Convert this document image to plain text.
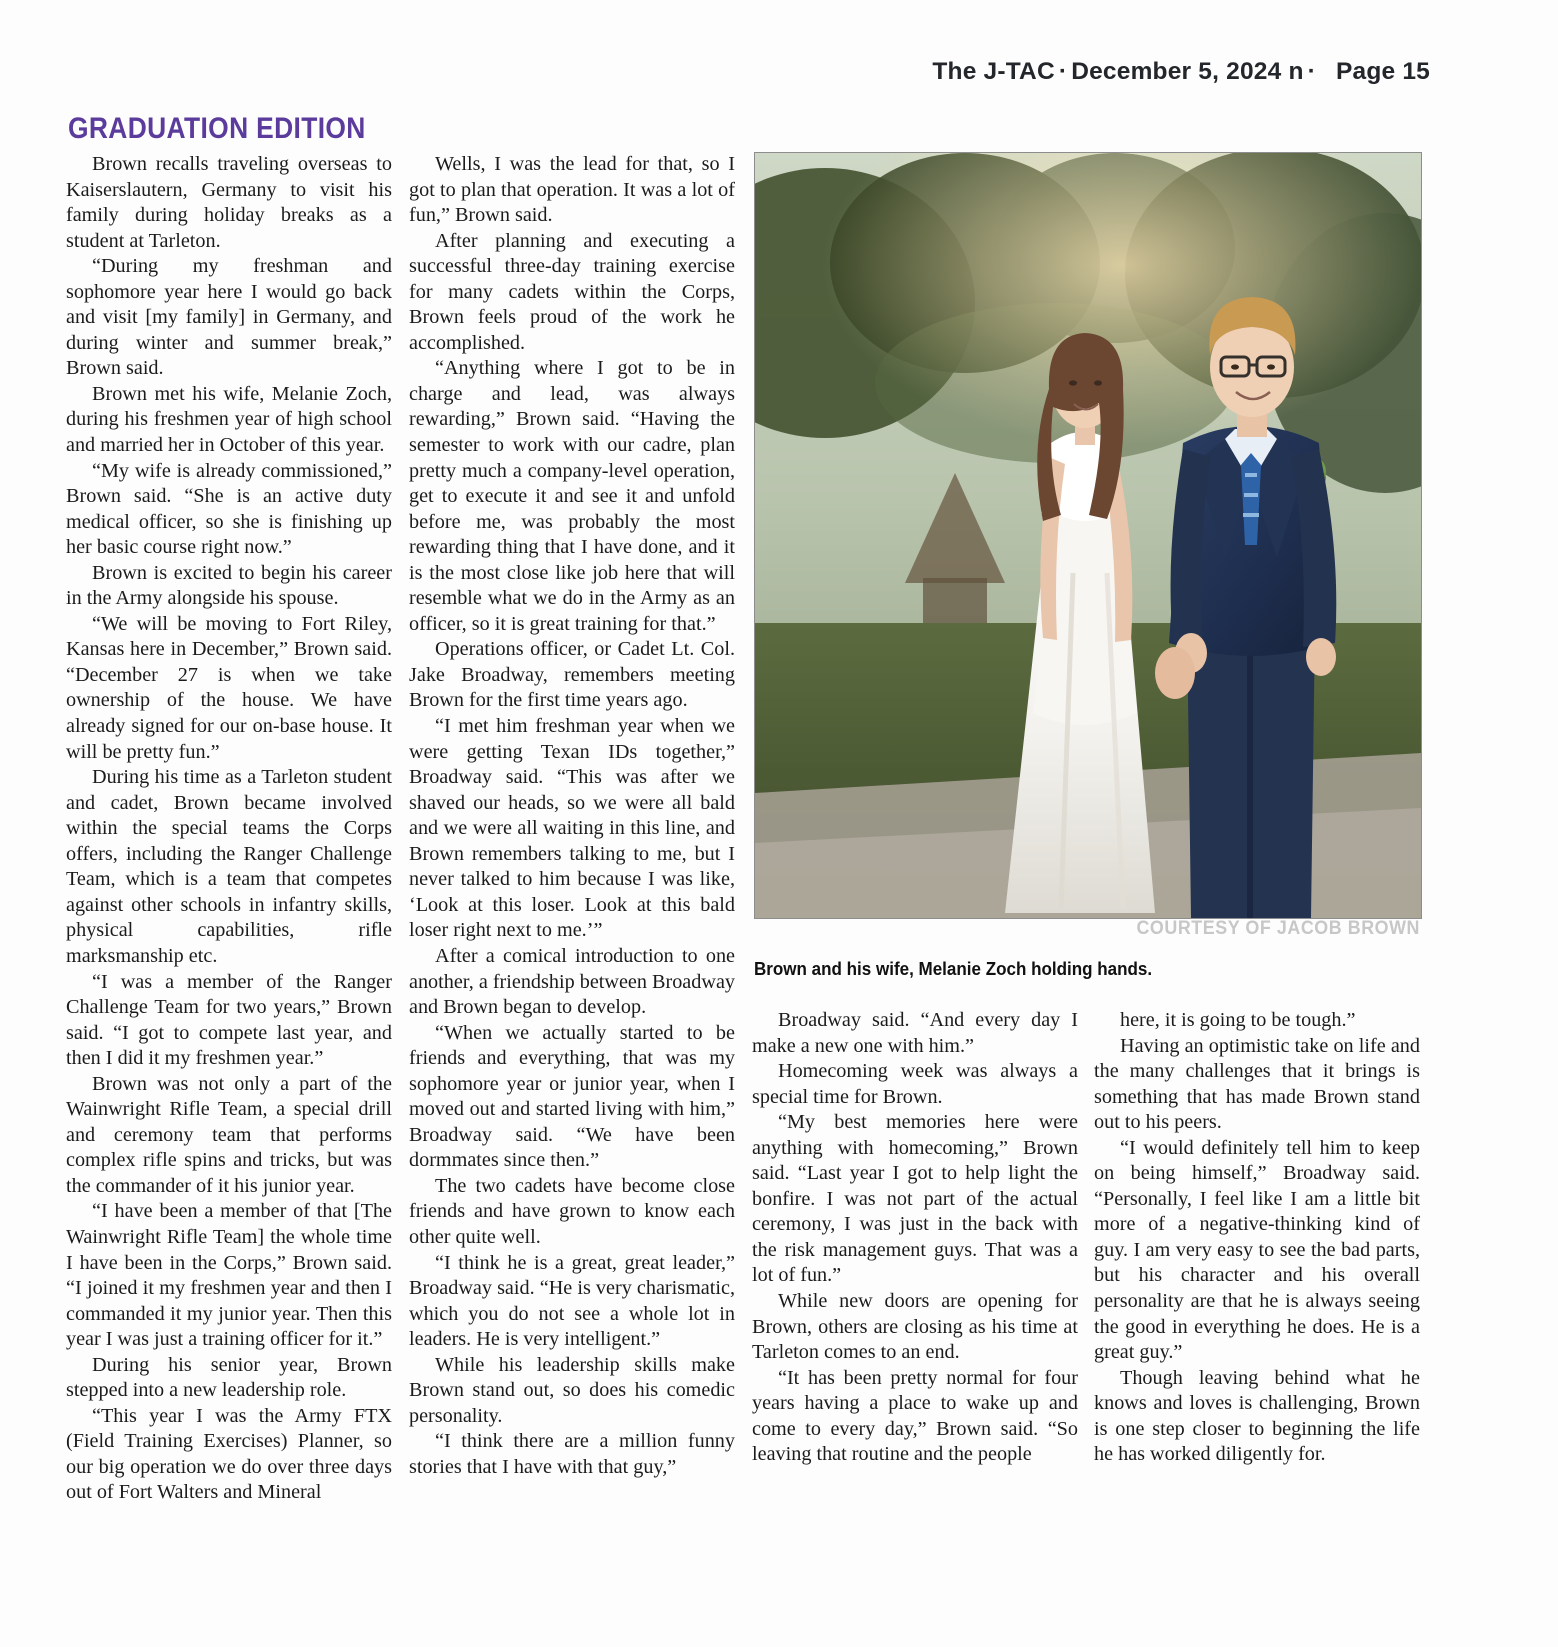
The J-TAC · December 5, 2024 n · Page 15
GRADUATION EDITION

Brown recalls traveling overseas to Kaiserslautern, Germany to visit his family during holiday breaks as a student at Tarleton.

“During my freshman and sophomore year here I would go back and visit [my family] in Germany, and during winter and summer break,” Brown said.

Brown met his wife, Melanie Zoch, during his freshmen year of high school and married her in October of this year.

“My wife is already commissioned,” Brown said. “She is an active duty medical officer, so she is finishing up her basic course right now.”

Brown is excited to begin his career in the Army alongside his spouse.

“We will be moving to Fort Riley, Kansas here in December,” Brown said. “December 27 is when we take ownership of the house. We have already signed for our on-base house. It will be pretty fun.”

During his time as a Tarleton student and cadet, Brown became involved within the special teams the Corps offers, including the Ranger Challenge Team, which is a team that competes against other schools in infantry skills, physical capabilities, rifle marksmanship etc.

“I was a member of the Ranger Challenge Team for two years,” Brown said. “I got to compete last year, and then I did it my freshmen year.”

Brown was not only a part of the Wainwright Rifle Team, a special drill and ceremony team that performs complex rifle spins and tricks, but was the commander of it his junior year.

“I have been a member of that [The Wainwright Rifle Team] the whole time I have been in the Corps,” Brown said. “I joined it my freshmen year and then I commanded it my junior year. Then this year I was just a training officer for it.”

During his senior year, Brown stepped into a new leadership role.

“This year I was the Army FTX (Field Training Exercises) Planner, so our big operation we do over three days out of Fort Walters and Mineral

Wells, I was the lead for that, so I got to plan that operation. It was a lot of fun,” Brown said.

After planning and executing a successful three-day training exercise for many cadets within the Corps, Brown feels proud of the work he accomplished.

“Anything where I got to be in charge and lead, was always rewarding,” Brown said. “Having the semester to work with our cadre, plan pretty much a company-level operation, get to execute it and see it and unfold before me, was probably the most rewarding thing that I have done, and it is the most close like job here that will resemble what we do in the Army as an officer, so it is great training for that.”

Operations officer, or Cadet Lt. Col. Jake Broadway, remembers meeting Brown for the first time years ago.

“I met him freshman year when we were getting Texan IDs together,” Broadway said. “This was after we shaved our heads, so we were all bald and we were all waiting in this line, and Brown remembers talking to me, but I never talked to him because I was like, ‘Look at this loser. Look at this bald loser right next to me.’”

After a comical introduction to one another, a friendship between Broadway and Brown began to develop.

“When we actually started to be friends and everything, that was my sophomore year or junior year, when I moved out and started living with him,” Broadway said. “We have been dormmates since then.”

The two cadets have become close friends and have grown to know each other quite well.

“I think he is a great, great leader,” Broadway said. “He is very charismatic, which you do not see a whole lot in leaders. He is very intelligent.”

While his leadership skills make Brown stand out, so does his comedic personality.

“I think there are a million funny stories that I have with that guy,”

COURTESY OF JACOB BROWN
Brown and his wife, Melanie Zoch holding hands.

Broadway said. “And every day I make a new one with him.”

Homecoming week was always a special time for Brown.

“My best memories here were anything with homecoming,” Brown said. “Last year I got to help light the bonfire. I was not part of the actual ceremony, I was just in the back with the risk management guys. That was a lot of fun.”

While new doors are opening for Brown, others are closing as his time at Tarleton comes to an end.

“It has been pretty normal for four years having a place to wake up and come to every day,” Brown said. “So leaving that routine and the people

here, it is going to be tough.”

Having an optimistic take on life and the many challenges that it brings is something that has made Brown stand out to his peers.

“I would definitely tell him to keep on being himself,” Broadway said. “Personally, I feel like I am a little bit more of a negative-thinking kind of guy. I am very easy to see the bad parts, but his character and his overall personality are that he is always seeing the good in everything he does. He is a great guy.”

Though leaving behind what he knows and loves is challenging, Brown is one step closer to beginning the life he has worked diligently for.
